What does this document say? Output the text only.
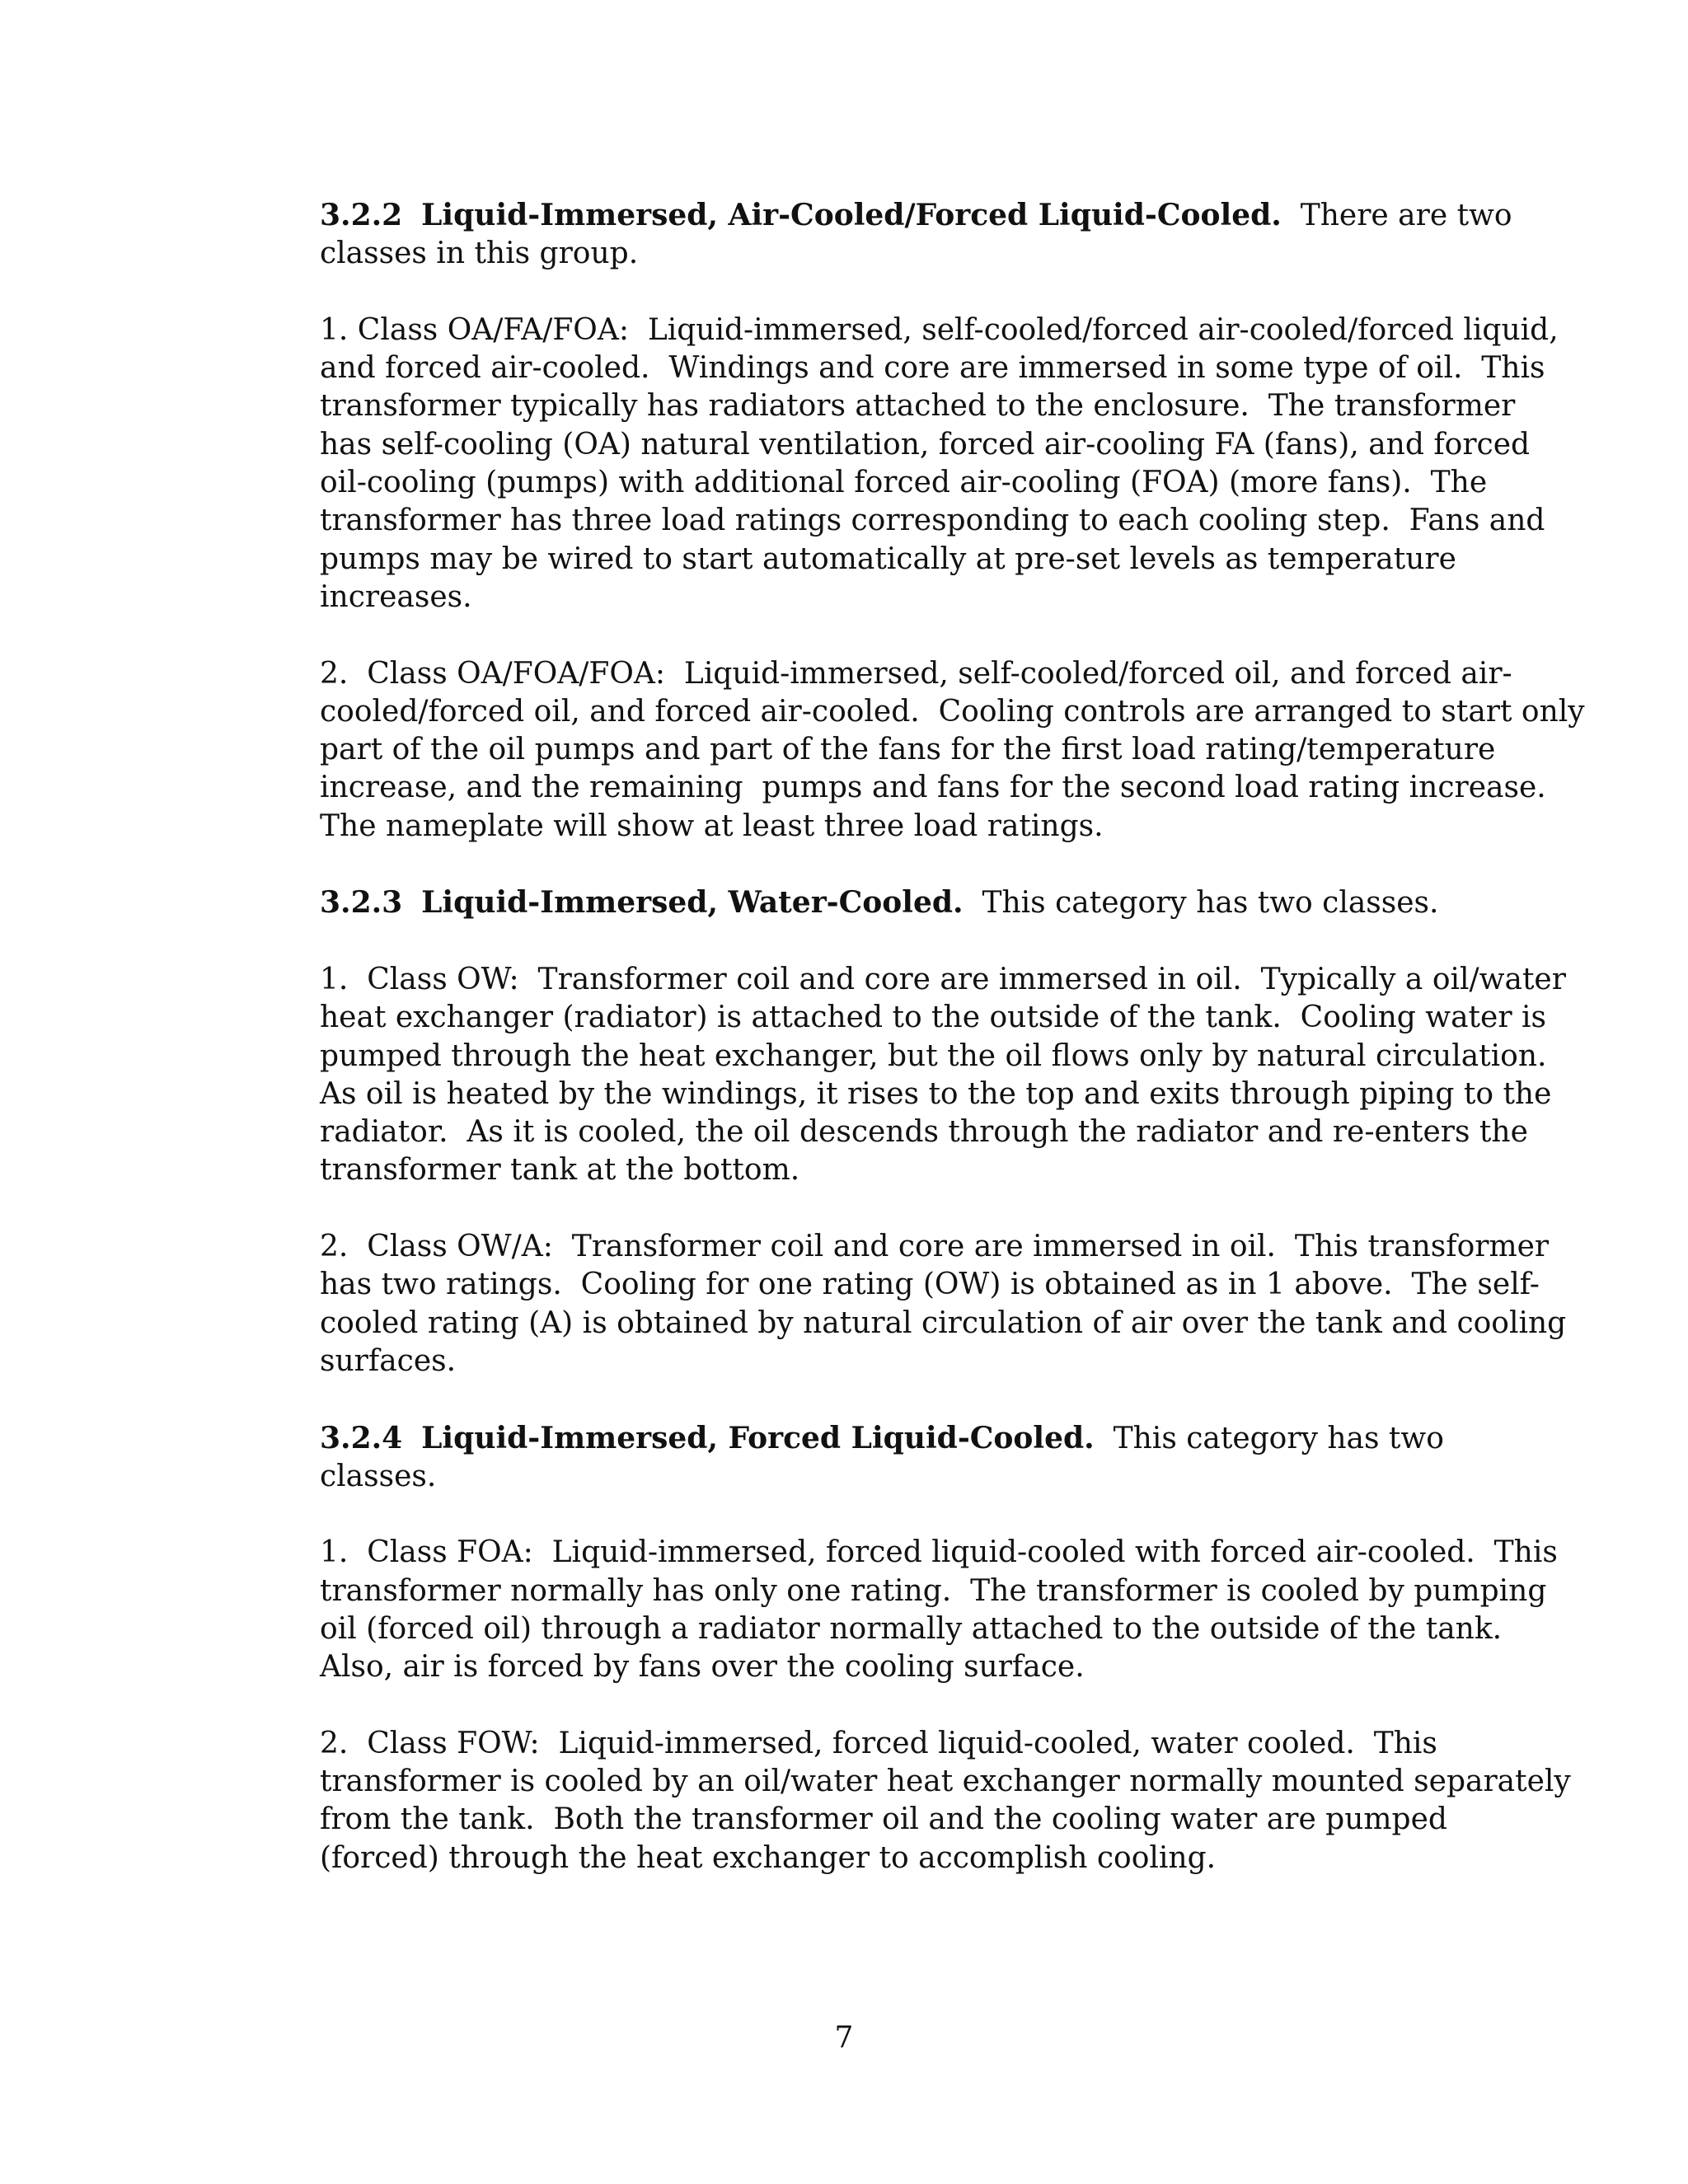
3.2.2 Liquid-Immersed, Air-Cooled/Forced Liquid-Cooled. There are two
classes in this group.

1. Class OA/FA/FOA:  Liquid-immersed, self-cooled/forced air-cooled/forced liquid,
and forced air-cooled.  Windings and core are immersed in some type of oil.  This
transformer typically has radiators attached to the enclosure.  The transformer
has self-cooling (OA) natural ventilation, forced air-cooling FA (fans), and forced
oil-cooling (pumps) with additional forced air-cooling (FOA) (more fans).  The
transformer has three load ratings corresponding to each cooling step.  Fans and
pumps may be wired to start automatically at pre-set levels as temperature
increases.

2.  Class OA/FOA/FOA:  Liquid-immersed, self-cooled/forced oil, and forced air-
cooled/forced oil, and forced air-cooled.  Cooling controls are arranged to start only
part of the oil pumps and part of the fans for the first load rating/temperature
increase, and the remaining  pumps and fans for the second load rating increase.
The nameplate will show at least three load ratings.

3.2.3 Liquid-Immersed, Water-Cooled. This category has two classes.

1.  Class OW:  Transformer coil and core are immersed in oil.  Typically a oil/water
heat exchanger (radiator) is attached to the outside of the tank.  Cooling water is
pumped through the heat exchanger, but the oil flows only by natural circulation.
As oil is heated by the windings, it rises to the top and exits through piping to the
radiator.  As it is cooled, the oil descends through the radiator and re-enters the
transformer tank at the bottom.

2.  Class OW/A:  Transformer coil and core are immersed in oil.  This transformer
has two ratings.  Cooling for one rating (OW) is obtained as in 1 above.  The self-
cooled rating (A) is obtained by natural circulation of air over the tank and cooling
surfaces.

3.2.4 Liquid-Immersed, Forced Liquid-Cooled. This category has two
classes.

1.  Class FOA:  Liquid-immersed, forced liquid-cooled with forced air-cooled.  This
transformer normally has only one rating.  The transformer is cooled by pumping
oil (forced oil) through a radiator normally attached to the outside of the tank.
Also, air is forced by fans over the cooling surface.

2.  Class FOW:  Liquid-immersed, forced liquid-cooled, water cooled.  This
transformer is cooled by an oil/water heat exchanger normally mounted separately
from the tank.  Both the transformer oil and the cooling water are pumped
(forced) through the heat exchanger to accomplish cooling.

7
